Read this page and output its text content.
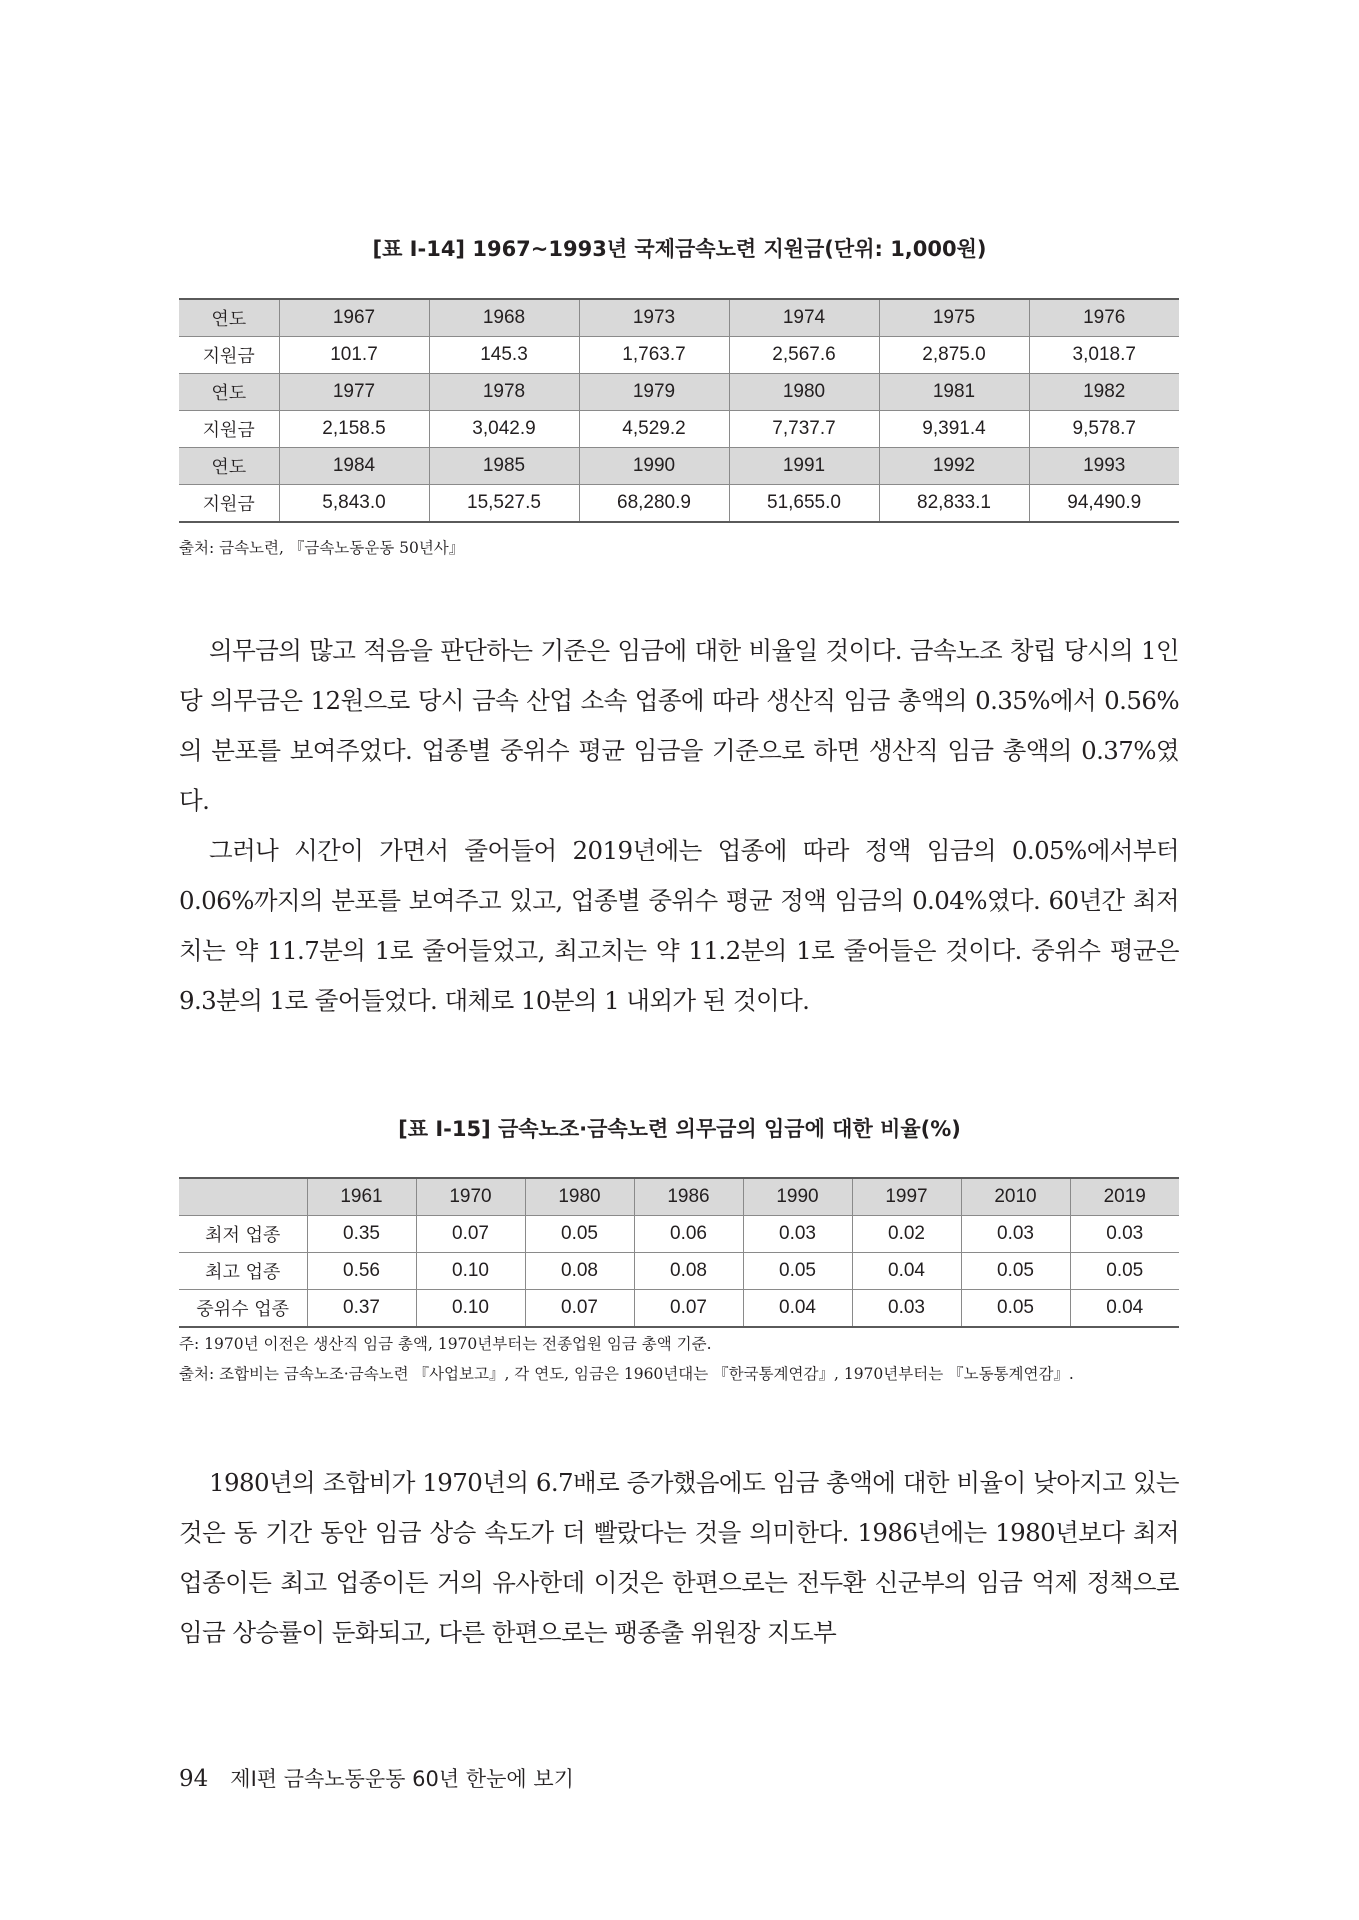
[표 Ⅰ-14] 1967~1993년 국제금속노련 지원금(단위: 1,000원)
연도	1967	1968	1973	1974	1975	1976
지원금	101.7	145.3	1,763.7	2,567.6	2,875.0	3,018.7
연도	1977	1978	1979	1980	1981	1982
지원금	2,158.5	3,042.9	4,529.2	7,737.7	9,391.4	9,578.7
연도	1984	1985	1990	1991	1992	1993
지원금	5,843.0	15,527.5	68,280.9	51,655.0	82,833.1	94,490.9
출처: 금속노련, 『금속노동운동 50년사』

의무금의 많고 적음을 판단하는 기준은 임금에 대한 비율일 것이다. 금속노조 창립 당시의 1인당 의무금은 12원으로 당시 금속 산업 소속 업종에 따라 생산직 임금 총액의 0.35%에서 0.56%의 분포를 보여주었다. 업종별 중위수 평균 임금을 기준으로 하면 생산직 임금 총액의 0.37%였다.

그러나 시간이 가면서 줄어들어 2019년에는 업종에 따라 정액 임금의 0.05%에서부터 0.06%까지의 분포를 보여주고 있고, 업종별 중위수 평균 정액 임금의 0.04%였다. 60년간 최저치는 약 11.7분의 1로 줄어들었고, 최고치는 약 11.2분의 1로 줄어들은 것이다. 중위수 평균은 9.3분의 1로 줄어들었다. 대체로 10분의 1 내외가 된 것이다.

[표 Ⅰ-15] 금속노조·금속노련 의무금의 임금에 대한 비율(%)
	1961	1970	1980	1986	1990	1997	2010	2019
최저 업종	0.35	0.07	0.05	0.06	0.03	0.02	0.03	0.03
최고 업종	0.56	0.10	0.08	0.08	0.05	0.04	0.05	0.05
중위수 업종	0.37	0.10	0.07	0.07	0.04	0.03	0.05	0.04
주: 1970년 이전은 생산직 임금 총액, 1970년부터는 전종업원 임금 총액 기준.
출처: 조합비는 금속노조·금속노련 『사업보고』, 각 연도, 임금은 1960년대는 『한국통계연감』, 1970년부터는 『노동통계연감』.

1980년의 조합비가 1970년의 6.7배로 증가했음에도 임금 총액에 대한 비율이 낮아지고 있는 것은 동 기간 동안 임금 상승 속도가 더 빨랐다는 것을 의미한다. 1986년에는 1980년보다 최저 업종이든 최고 업종이든 거의 유사한데 이것은 한편으로는 전두환 신군부의 임금 억제 정책으로 임금 상승률이 둔화되고, 다른 한편으로는 팽종출 위원장 지도부

94 제Ⅰ편 금속노동운동 60년 한눈에 보기
